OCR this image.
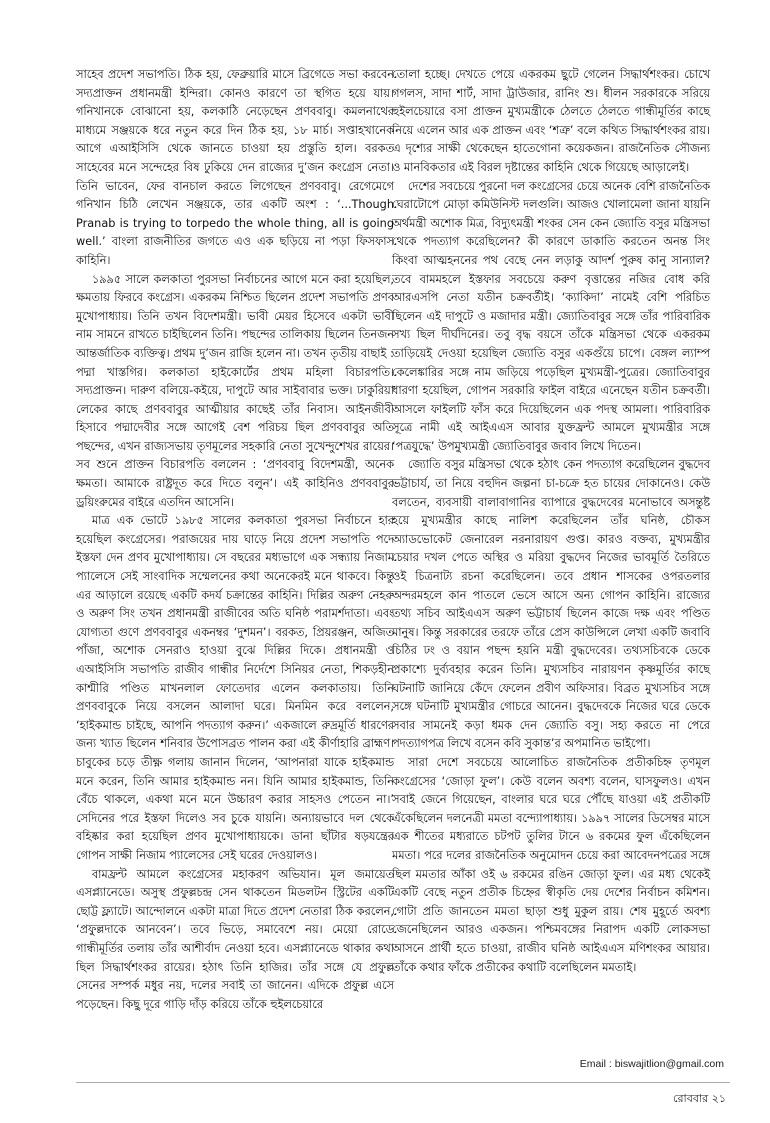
সাহেব প্রদেশ সভাপতি। ঠিক হয়, ফেব্রুয়ারি মাসে ব্রিগেডে সভা করবেন সদ্যপ্রাক্তন প্রধানমন্ত্রী ইন্দিরা। কোনও কারণে তা স্থগিত হয়ে যায়। গনিখানকে বোঝানো হয়, কলকাঠি নেড়েছেন প্রণববাবু। কমলনাথের মাধ্যমে সঞ্জয়কে ধরে নতুন করে দিন ঠিক হয়, ১৮ মার্চ। সপ্তাহখানেক আগে এআইসিসি থেকে জানতে চাওয়া হয় প্রস্তুতি হাল। বরকত সাহেবের মনে সন্দেহের বিষ ঢুকিয়ে দেন রাজ্যের দু’জন কংগ্রেস নেতা। তিনি ভাবেন, ফের বানচাল করতে লিগেছেন প্রণববাবু। রেগেমেগে গনিখান চিঠি লেখেন সঞ্জয়কে, তার একটি অংশ : ‘...Though Pranab is trying to torpedo the whole thing, all is going well.’ বাংলা রাজনীতির জগতে এও এক ছড়িয়ে না পড়া ফিসফাস কাহিনি।

১৯৯৫ সালে কলকাতা পুরসভা নির্বাচনের আগে মনে করা হয়েছিল, ক্ষমতায় ফিরবে কংগ্রেস। একরকম নিশ্চিত ছিলেন প্রদেশ সভাপতি প্রণব মুখোপাধ্যায়। তিনি তখন বিদেশমন্ত্রী। ভাবী মেয়র হিসেবে একটা ভাবী নাম সামনে রাখতে চাইছিলেন তিনি। পছন্দের তালিকায় ছিলেন তিনজন আন্তর্জাতিক ব্যক্তিত্ব। প্রথম দু’জন রাজি হলেন না। তখন তৃতীয় বাছাই : পদ্মা খাস্তগির। কলকাতা হাইকোর্টের প্রথম মহিলা বিচারপতি। সদ্যপ্রাক্তন। দারুণ বলিয়ে-কইয়ে, দাপুটে আর সাইবাবার ভক্ত। ঢাকুরিয়া লেকের কাছে প্রণববাবুর আত্মীয়ার কাছেই তাঁর নিবাস। আইনজীবী হিসাবে পদ্মাদেবীর সঙ্গে আগেই বেশ পরিচয় ছিল প্রণববাবুর অতি পছন্দের, এখন রাজ্যসভায় তৃণমূলের সহকারি নেতা সুখেন্দুশেখর রায়ের। সব শুনে প্রাক্তন বিচারপতি বললেন : ‘প্রণববাবু বিদেশমন্ত্রী, অনেক ক্ষমতা। আমাকে রাষ্ট্রদূত করে দিতে বলুন’। এই কাহিনিও প্রণববাবুর ড্রয়িংরুমের বাইরে এতদিন আসেনি।

মাত্র এক ভোটে ১৯৮৫ সালের কলকাতা পুরসভা নির্বাচনে হার হয়েছিল কংগ্রেসের। পরাজয়ের দায় ঘাড়ে নিয়ে প্রদেশ সভাপতি পদে ইস্তফা দেন প্রণব মুখোপাধ্যায়। সে বছরের মধ্যভাগে এক সন্ধ্যায় নিজাম প্যালেসে সেই সাংবাদিক সম্মেলনের কথা অনেকেরই মনে থাকবে। কিন্তু এর আড়ালে রয়েছে একটি কদর্য চক্রান্তের কাহিনি। দিল্লির অরুণ নেহরু ও অরুণ সিং তখন প্রধানমন্ত্রী রাজীবের অতি ঘনিষ্ঠ পরামর্শদাতা। এবং যোগ্যতা গুণে প্রণববাবুর একনম্বর ‘দুশমন’। বরকত, প্রিয়রঞ্জন, অজিত পাঁজা, অশোক সেনরাও হাওয়া বুঝে দিল্লির দিকে। প্রধানমন্ত্রী ও এআইসিসি সভাপতি রাজীব গান্ধীর নির্দেশে সিনিয়র নেতা, শিকড়হীন কাশ্মীরি পণ্ডিত মাখনলাল ফোতেদার এলেন কলকাতায়। তিনি প্রণববাবুকে নিয়ে বসলেন আলাদা ঘরে। মিনমিন করে বললেন, ‘হাইকমান্ড চাইছে, আপনি পদত্যাগ করুন।’ একজালে রুদ্রমূর্তি ধারণের জন্য খ্যাত ছিলেন শনিবার উপোসব্রত পালন করা এই কীর্ণাহারি ব্রাহ্মণ। চাবুকের চড়ে তীক্ষ্ণ গলায় জানান দিলেন, ‘আপনারা যাকে হাইকমান্ড মনে করেন, তিনি আমার হাইকমান্ড নন। যিনি আমার হাইকমান্ড, তিনি বেঁচে থাকলে, একথা মনে মনে উচ্চারণ করার সাহসও পেতেন না।’ সেদিনের পরে ইস্তফা দিলেও সব চুকে যায়নি। অন্যায়ভাবে দল থেকে বহিষ্কার করা হয়েছিল প্রণব মুখোপাধ্যায়কে। ডানা ছাঁটার ষড়যন্ত্রের গোপন সাক্ষী নিজাম প্যালেসের সেই ঘরের দেওয়ালও।

বামফ্রন্ট আমলে কংগ্রেসের মহাকরণ অভিযান। মূল জমায়েত এসপ্ল্যানেডে। অসুস্থ প্রফুল্লচন্দ্র সেন থাকতেন মিডলটন স্ট্রিটের একটি ছোট্ট ফ্ল্যাটে। আন্দোলনে একটা মাত্রা দিতে প্রদেশ নেতারা ঠিক করলেন, ‘প্রফুল্লদাকে আনবেন’। তবে ভিড়ে, সমাবেশে নয়। মেয়ো রোডে গান্ধীমূর্তির তলায় তাঁর আশীর্বাদ নেওয়া হবে। এসপ্ল্যানেডে থাকার কথা ছিল সিদ্ধার্থশংকর রায়ের। হঠাৎ তিনি হাজির। তাঁর সঙ্গে যে প্রফুল্ল সেনের সম্পর্ক মধুর নয়, দলের সবাই তা জানেন। এদিকে প্রফুল্ল এসে পড়েছেন। কিছু দূরে গাড়ি দাঁড় করিয়ে তাঁকে হুইলচেয়ারে

তোলা হচ্ছে। দেখতে পেয়ে একরকম ছুটে গেলেন সিদ্ধার্থশংকর। চোখে গগলস, সাদা শার্ট, সাদা ট্রাউজার, রানিং শু। ধীলন সরকারকে সরিয়ে হুইলচেয়ারে বসা প্রাক্তন মুখ্যমন্ত্রীকে ঠেলতে ঠেলতে গান্ধীমূর্তির কাছে নিয়ে এলেন আর এক প্রাক্তন এবং ‘শত্রু’ বলে কথিত সিদ্ধার্থশংকর রায়। এ দৃশ্যের সাক্ষী থেকেছেন হাতেগোনা কয়েকজন। রাজনৈতিক সৌজন্য ও মানবিকতার এই বিরল দৃষ্টান্তের কাহিনি থেকে গিয়েছে আড়ালেই।

দেশের সবচেয়ে পুরনো দল কংগ্রেসের চেয়ে অনেক বেশি রাজনৈতিক ঘেরাটোপে মোড়া কমিউনিস্ট দলগুলি। আজও খোলামেলা জানা যায়নি অর্থমন্ত্রী অশোক মিত্র, বিদ্যুৎমন্ত্রী শংকর সেন কেন জ্যোতি বসুর মন্ত্রিসভা থেকে পদত্যাগ করেছিলেন? কী কারণে ডাকাতি করতেন অনন্ত সিং কিংবা আত্মহননের পথ বেছে নেন লড়াকু আদর্শ পুরুষ কানু সান্যাল? তবে বামমহলে ইস্তফার সবচেয়ে করুণ বৃত্তান্তের নজির বোধ করি আরএসপি নেতা যতীন চক্রবর্তীই। ‘ক্যাকিদা’ নামেই বেশি পরিচিত ছিলেন এই দাপুটে ও মজাদার মন্ত্রী। জ্যোতিবাবুর সঙ্গে তাঁর পারিবারিক সখ্য ছিল দীর্ঘদিনের। তবু বৃদ্ধ বয়সে তাঁকে মন্ত্রিসভা থেকে একরকম তাড়িয়েই দেওয়া হয়েছিল জ্যোতি বসুর একগুঁয়ে চাপে। বেঙ্গল ল্যাম্প কেলেঙ্কারির সঙ্গে নাম জড়িয়ে পড়েছিল মুখ্যমন্ত্রী-পুত্রের। জ্যোতিবাবুর ধারণা হয়েছিল, গোপন সরকারি ফাইল বাইরে এনেছেন যতীন চক্রবর্তী। আসলে ফাইলটি ফাঁস করে দিয়েছিলেন এক পদস্থ আমলা। পারিবারিক সূত্রে নামী এই আইএএস আবার যুক্তফ্রন্ট আমলে মুখ্যমন্ত্রীর সঙ্গে ‘পত্রযুদ্ধে’ উপমুখ্যমন্ত্রী জ্যোতিবাবুর জবাব লিখে দিতেন।

জ্যোতি বসুর মন্ত্রিসভা থেকে হঠাৎ কেন পদত্যাগ করেছিলেন বুদ্ধদেব ভট্টাচার্য, তা নিয়ে বহুদিন জল্পনা চা-চক্রে হত চায়ের দোকানেও। কেউ বলতেন, ব্যবসায়ী বালাবাগানির ব্যাপারে বুদ্ধদেবের মনোভাবে অসন্তুষ্ট হয়ে মুখ্যমন্ত্রীর কাছে নালিশ করেছিলেন তাঁর ঘনিষ্ঠ, চৌকস অ্যাডভোকেট জেনারেল নরনারায়ণ গুপ্ত। কারও বক্তব্য, মুখ্যমন্ত্রীর চেয়ার দখল পেতে অস্থির ও মরিয়া বুদ্ধদেব নিজের ভাবমূর্তি তৈরিতে ওই চিত্রনাট্য রচনা করেছিলেন। তবে প্রধান শাসকের ওপরতলার অন্দরমহলে কান পাতলে ভেসে আসে অন্য গোপন কাহিনি। রাজ্যের তথ্য সচিব আইএএস অরুণ ভট্টাচার্য ছিলেন কাজে দক্ষ এবং পণ্ডিত মানুষ। কিন্তু সরকারের তরফে তাঁরে প্রেস কাউন্সিলে লেখা একটি জবাবি চিঠির ঢং ও বয়ান পছন্দ হয়নি মন্ত্রী বুদ্ধদেবের। তথ্যসচিবকে ডেকে প্রকাশ্যে দুর্ব্যবহার করেন তিনি। মুখ্যসচিব নারায়ণন কৃষ্ণমূর্তির কাছে ঘটনাটি জানিয়ে কেঁদে ফেলেন প্রবীণ অফিসার। বিব্রত মুখ্যসচিব সঙ্গে সঙ্গে ঘটনাটি মুখ্যমন্ত্রীর গোচরে আনেন। বুদ্ধদেবকে নিজের ঘরে ডেকে সবার সামনেই কড়া ধমক দেন জ্যোতি বসু। সহ্য করতে না পেরে পদত্যাগপত্র লিখে বসেন কবি সুকান্ত’র অপমানিত ভাইপো।

সারা দেশে সবচেয়ে আলোচিত রাজনৈতিক প্রতীকচিহ্ন তৃণমূল কংগ্রেসের ‘জোড়া ফুল’। কেউ বলেন অবশ্য বলেন, ঘাসফুলও। এখন সবাই জেনে গিয়েছেন, বাংলার ঘরে ঘরে পৌঁছে যাওয়া এই প্রতীকটি এঁকেছিলেন দলনেত্রী মমতা বন্দ্যোপাধ্যায়। ১৯৯৭ সালের ডিসেম্বর মাসে এক শীতের মধ্যরাতে চটপট তুলির টানে ৬ রকমের ফুল এঁকেছিলেন মমতা। পরে দলের রাজনৈতিক অনুমোদন চেয়ে করা আবেদনপত্রের সঙ্গে ছিল মমতার আঁকা ওই ৬ রকমের রঙিন জোড়া ফুল। এর মধ্য থেকেই একটি বেছে নতুন প্রতীক চিহ্নের স্বীকৃতি দেয় দেশের নির্বাচন কমিশন। গোটা প্রতি জানতেন মমতা ছাড়া শুধু মুকুল রায়। শেষ মুহূর্তে অবশ্য জেনেছিলেন আরও একজন। পশ্চিমবঙ্গের নিরাপদ একটি লোকসভা আসনে প্রার্থী হতে চাওয়া, রাজীব ঘনিষ্ঠ আইএএস মণিশংকর আয়ার। তাঁকে কথার ফাঁকে প্রতীকের কথাটি বলেছিলেন মমতাই।

Email : biswajitlion@gmail.com
রোববার ২১
